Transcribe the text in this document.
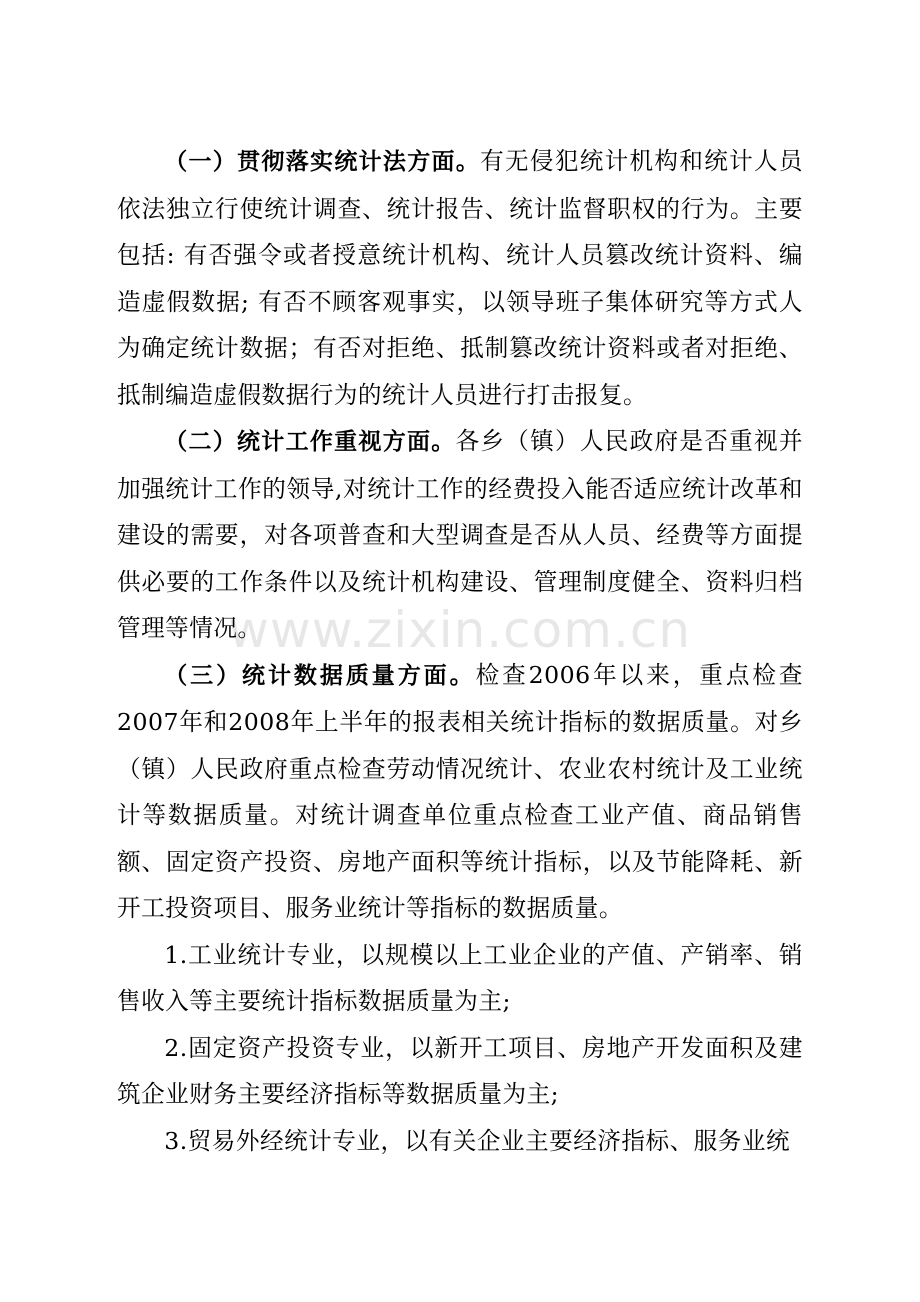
（一）贯彻落实统计法方面。有无侵犯统计机构和统计人员依法独立行使统计调查、统计报告、统计监督职权的行为。主要包括: 有否强令或者授意统计机构、统计人员篡改统计资料、编造虚假数据; 有否不顾客观事实，以领导班子集体研究等方式人为确定统计数据；有否对拒绝、抵制篡改统计资料或者对拒绝、抵制编造虚假数据行为的统计人员进行打击报复。

（二）统计工作重视方面。各乡（镇）人民政府是否重视并加强统计工作的领导,对统计工作的经费投入能否适应统计改革和建设的需要，对各项普查和大型调查是否从人员、经费等方面提供必要的工作条件以及统计机构建设、管理制度健全、资料归档管理等情况。

（三）统计数据质量方面。检查2006年以来，重点检查2007年和2008年上半年的报表相关统计指标的数据质量。对乡（镇）人民政府重点检查劳动情况统计、农业农村统计及工业统计等数据质量。对统计调查单位重点检查工业产值、商品销售额、固定资产投资、房地产面积等统计指标，以及节能降耗、新开工投资项目、服务业统计等指标的数据质量。

1.工业统计专业，以规模以上工业企业的产值、产销率、销售收入等主要统计指标数据质量为主;

2.固定资产投资专业，以新开工项目、房地产开发面积及建筑企业财务主要经济指标等数据质量为主;

3.贸易外经统计专业，以有关企业主要经济指标、服务业统

www.zixin.com.cn
